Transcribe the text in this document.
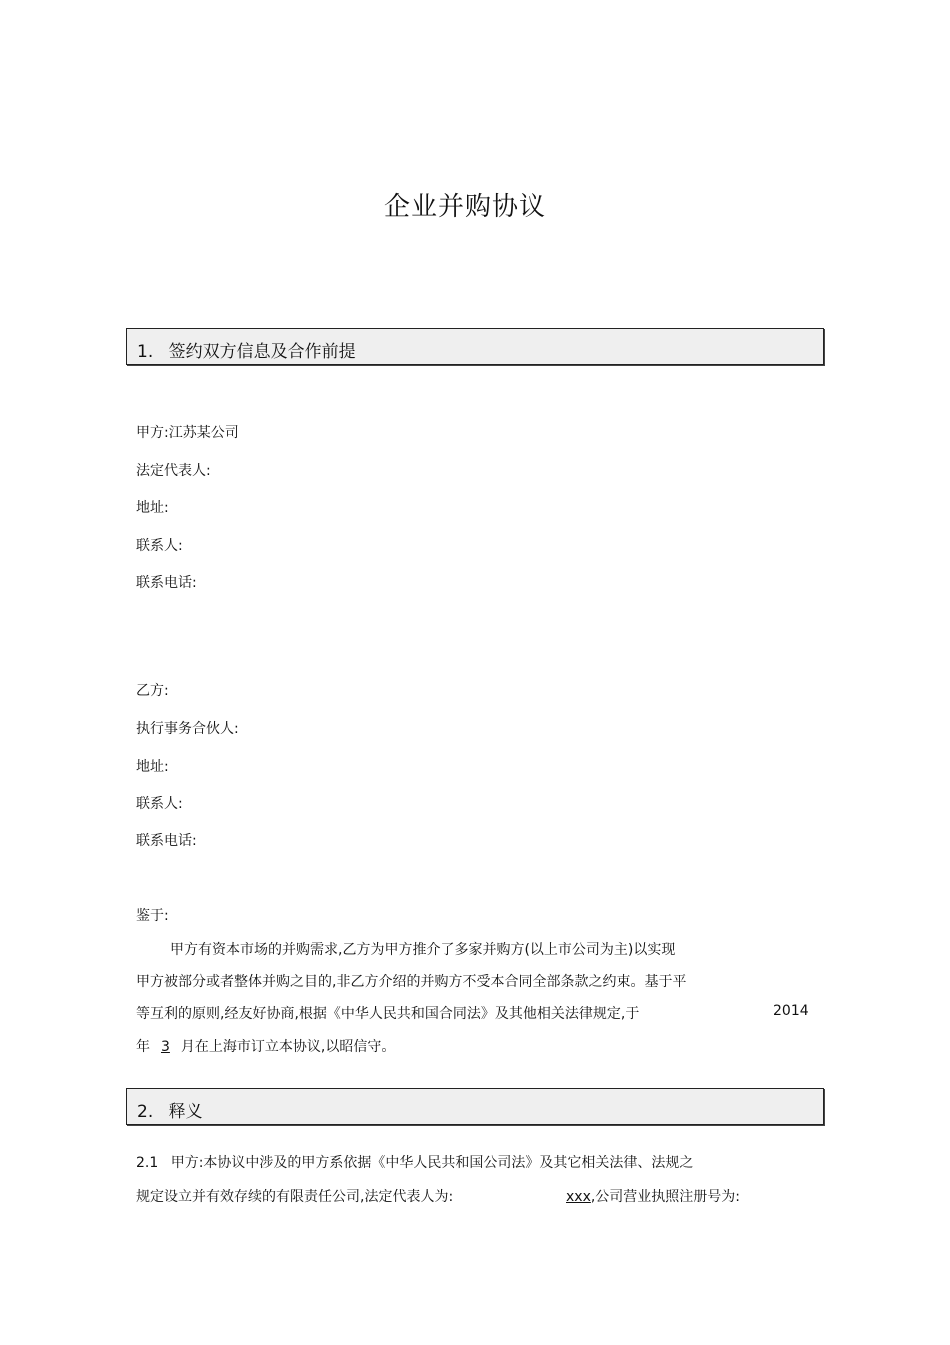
企业并购协议
1. 签约双方信息及合作前提
甲方:江苏某公司
法定代表人:
地址:
联系人:
联系电话:
乙方:
执行事务合伙人:
地址:
联系人:
联系电话:
鉴于:
甲方有资本市场的并购需求,乙方为甲方推介了多家并购方(以上市公司为主)以实现
甲方被部分或者整体并购之目的,非乙方介绍的并购方不受本合同全部条款之约束。基于平
等互利的原则,经友好协商,根据《中华人民共和国合同法》及其他相关法律规定,于	2014
年 3 月在上海市订立本协议,以昭信守。
2. 释义
2.1 甲方:本协议中涉及的甲方系依据《中华人民共和国公司法》及其它相关法律、法规之
规定设立并有效存续的有限责任公司,法定代表人为:	xxx,公司营业执照注册号为:
